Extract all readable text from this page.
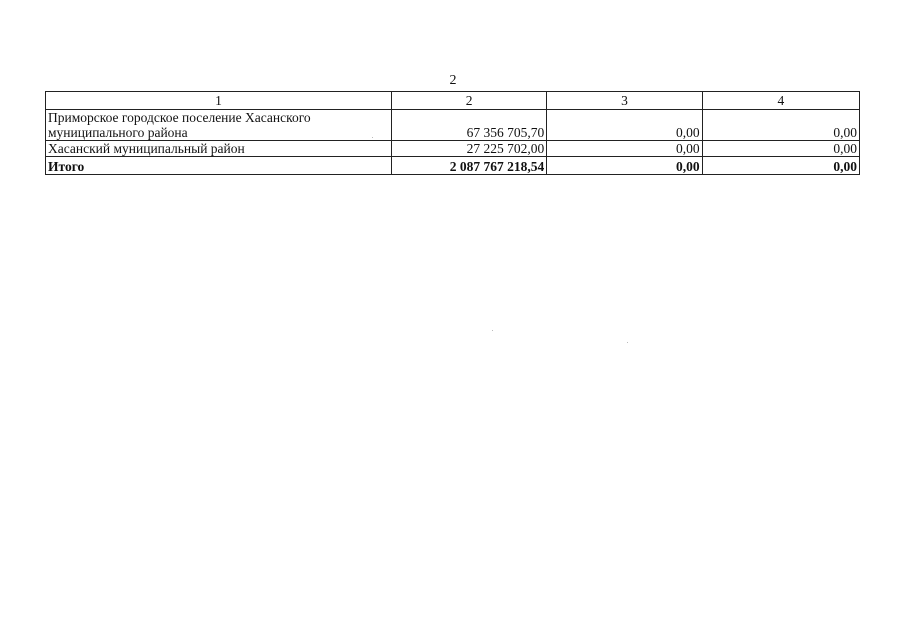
2
1	2	3	4

Приморское городское поселение Хасанского
муниципального района	67 356 705,70	0,00	0,00
Хасанский муниципальный район	27 225 702,00	0,00	0,00
Итого	2 087 767 218,54	0,00	0,00
